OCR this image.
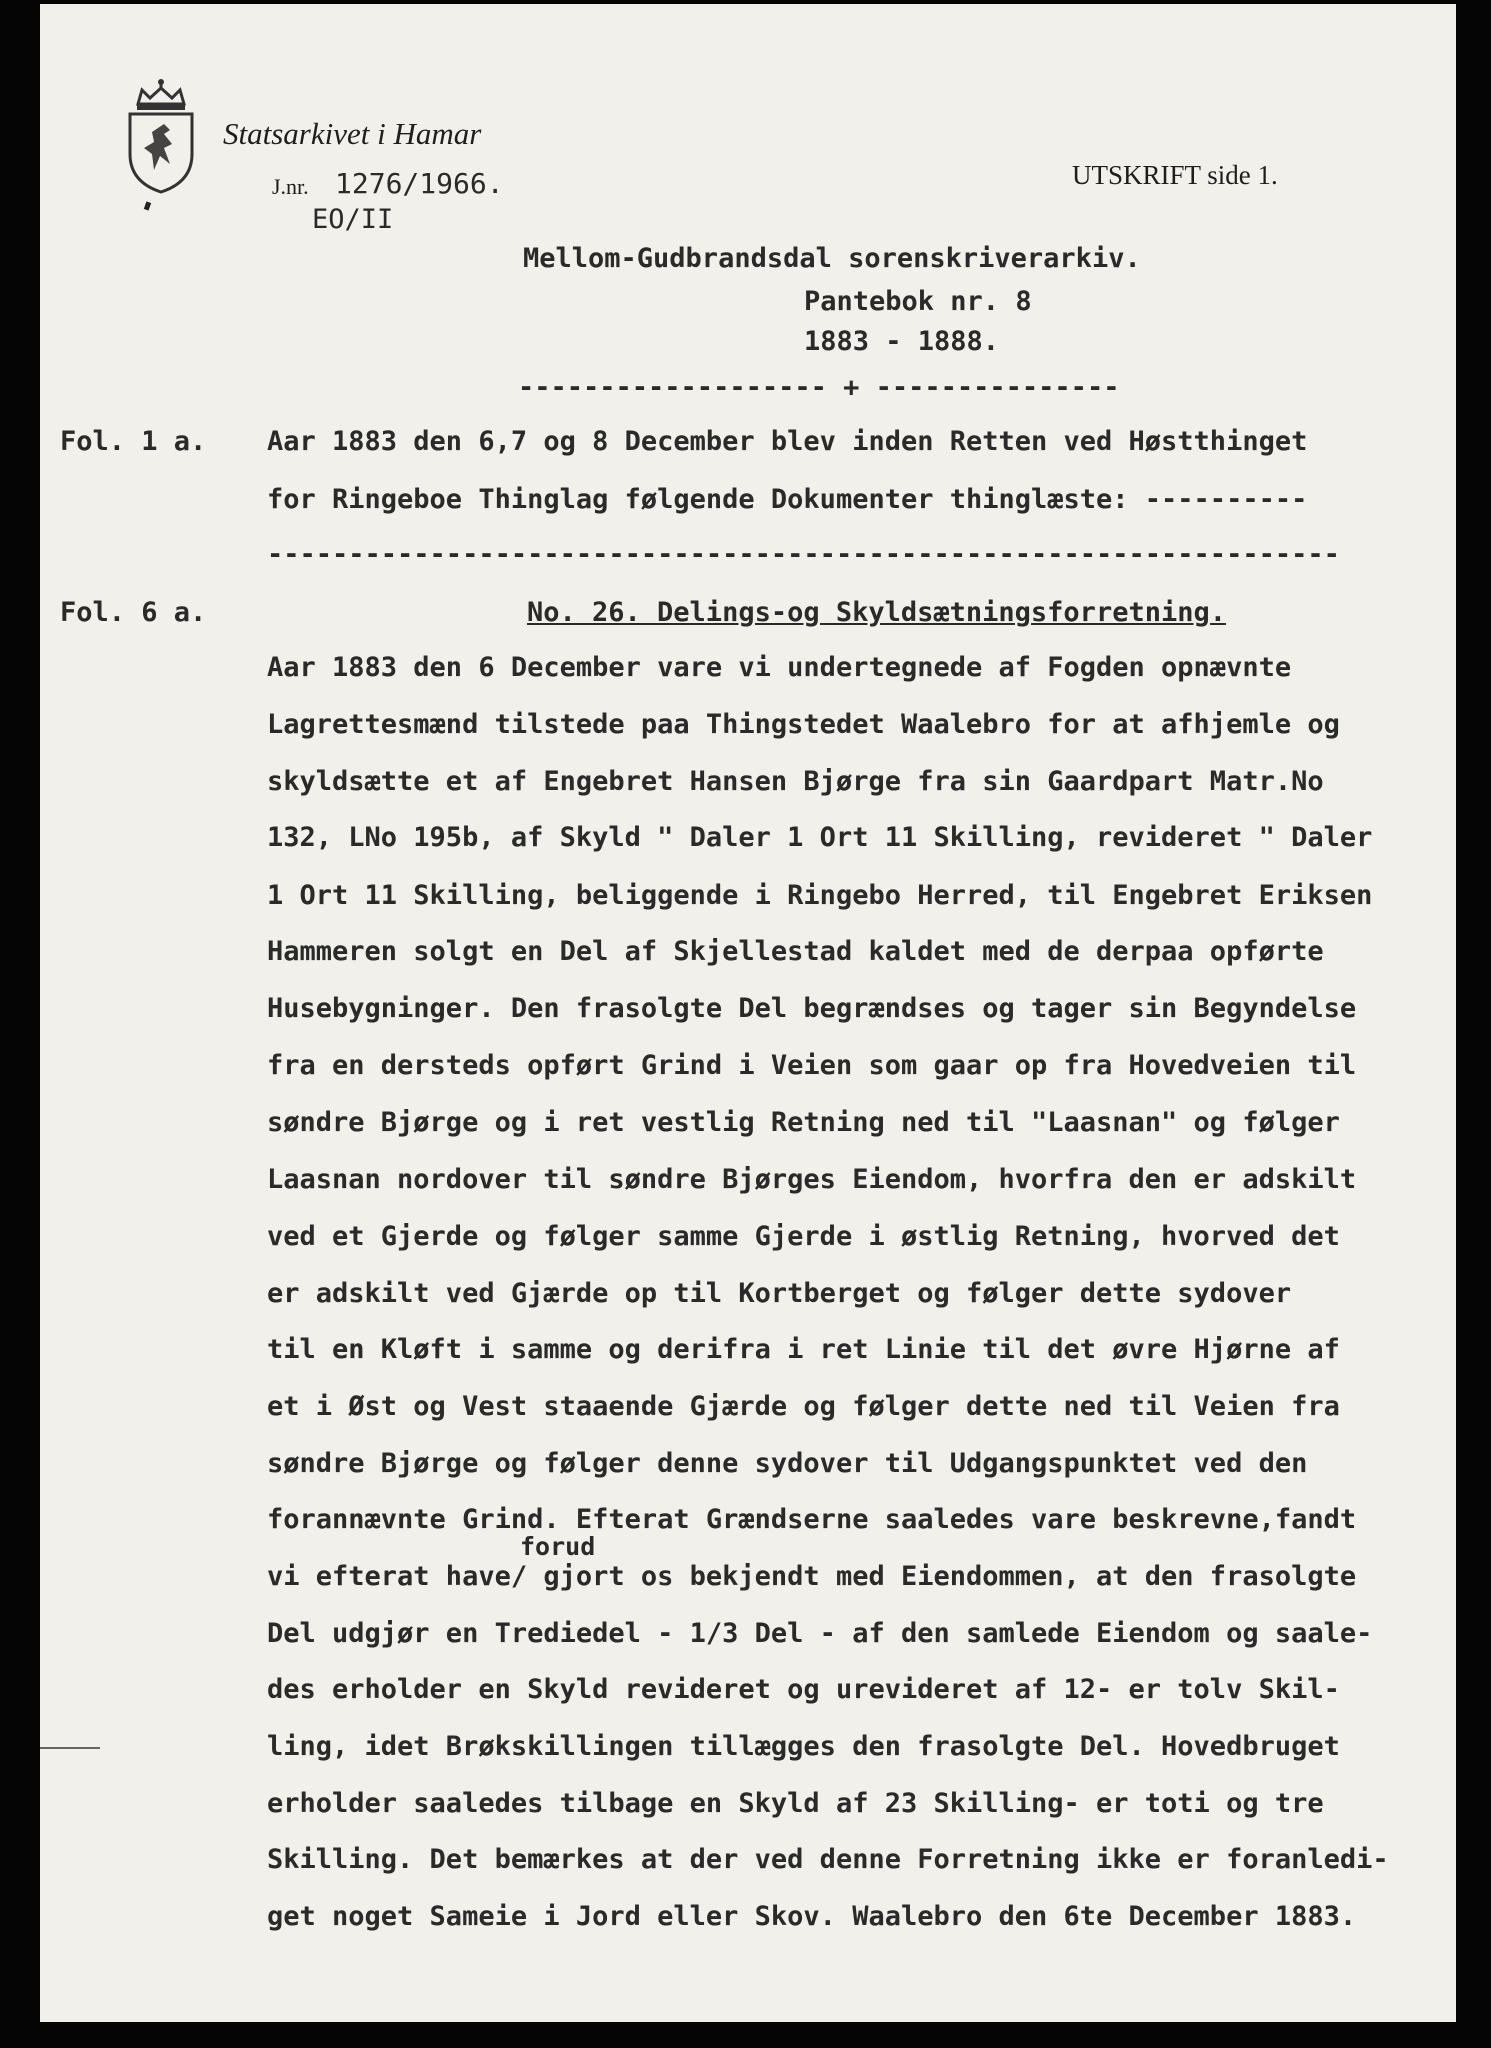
Statsarkivet i Hamar
J.nr. 1276/1966.
EO/II
UTSKRIFT side 1.
Mellom-Gudbrandsdal sorenskriverarkiv.
Pantebok nr. 8
1883 - 1888.
------------------- + ---------------
Fol. 1 a. Aar 1883 den 6,7 og 8 December blev inden Retten ved Høstthinget
for Ringeboe Thinglag følgende Dokumenter thinglæste: ----------
------------------------------------------------------------------
Fol. 6 a.	No. 26. Delings-og Skyldsætningsforretning.
Aar 1883 den 6 December vare vi undertegnede af Fogden opnævnte
Lagrettesmænd tilstede paa Thingstedet Waalebro for at afhjemle og
skyldsætte et af Engebret Hansen Bjørge fra sin Gaardpart Matr.No
132, LNo 195b, af Skyld " Daler 1 Ort 11 Skilling, revideret " Daler
1 Ort 11 Skilling, beliggende i Ringebo Herred, til Engebret Eriksen
Hammeren solgt en Del af Skjellestad kaldet med de derpaa opførte
Husebygninger. Den frasolgte Del begrændses og tager sin Begyndelse
fra en dersteds opført Grind i Veien som gaar op fra Hovedveien til
søndre Bjørge og i ret vestlig Retning ned til "Laasnan" og følger
Laasnan nordover til søndre Bjørges Eiendom, hvorfra den er adskilt
ved et Gjerde og følger samme Gjerde i østlig Retning, hvorved det
er adskilt ved Gjærde op til Kortberget og følger dette sydover
til en Kløft i samme og derifra i ret Linie til det øvre Hjørne af
et i Øst og Vest staaende Gjærde og følger dette ned til Veien fra
søndre Bjørge og følger denne sydover til Udgangspunktet ved den
forannævnte Grind. Efterat Grændserne saaledes vare beskrevne,fandt
forud
vi efterat have/ gjort os bekjendt med Eiendommen, at den frasolgte
Del udgjør en Trediedel - 1/3 Del - af den samlede Eiendom og saale-
des erholder en Skyld revideret og urevideret af 12- er tolv Skil-
ling, idet Brøkskillingen tillægges den frasolgte Del. Hovedbruget
erholder saaledes tilbage en Skyld af 23 Skilling- er toti og tre
Skilling. Det bemærkes at der ved denne Forretning ikke er foranledi-
get noget Sameie i Jord eller Skov. Waalebro den 6te December 1883.
